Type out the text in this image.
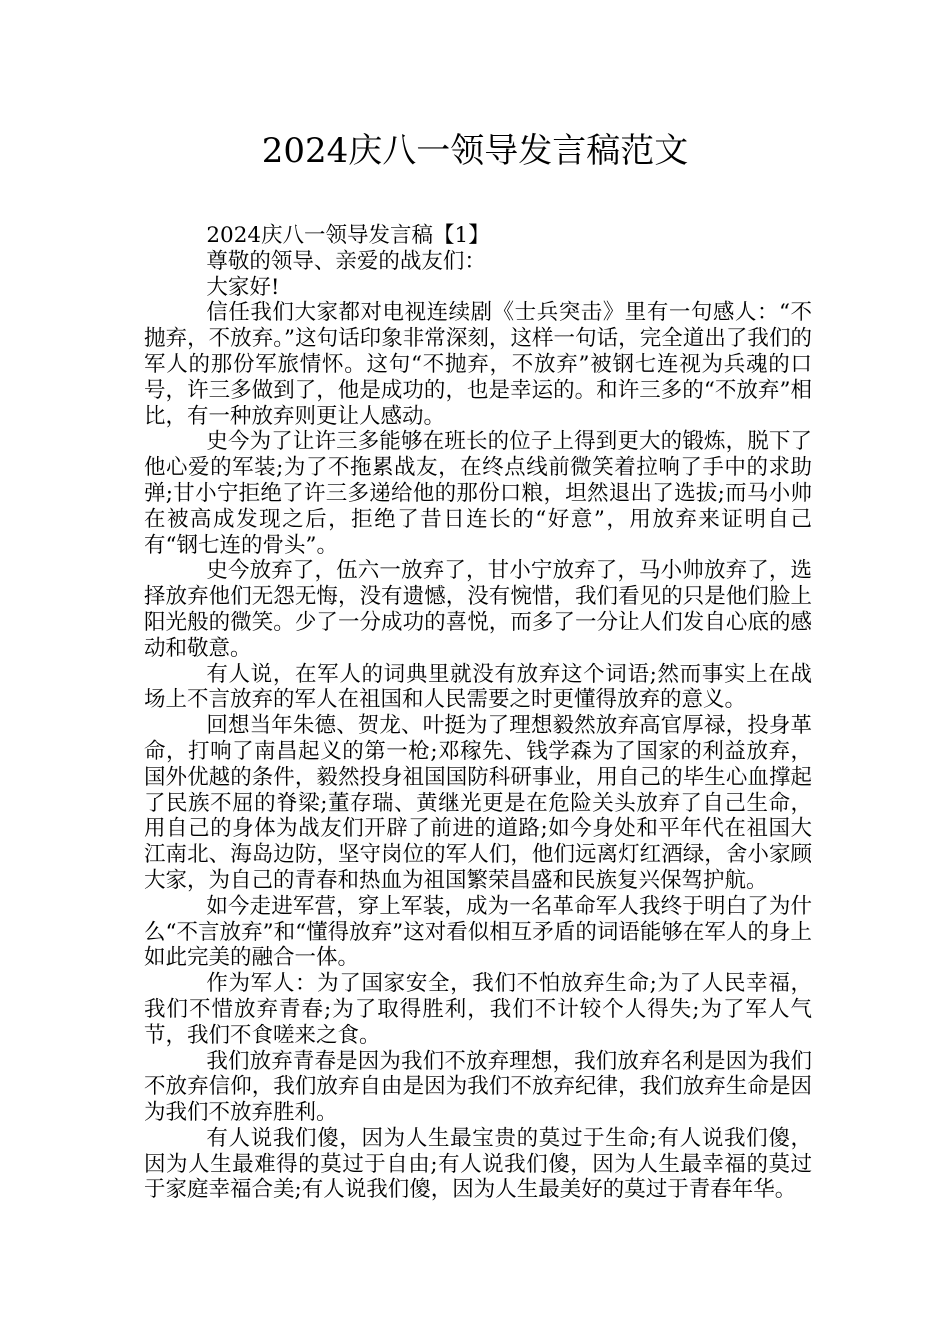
2024庆八一领导发言稿范文

2024庆八一领导发言稿【1】

尊敬的领导、亲爱的战友们：

大家好!

信任我们大家都对电视连续剧《士兵突击》里有一句感人：“不抛弃，不放弃。”这句话印象非常深刻，这样一句话，完全道出了我们的军人的那份军旅情怀。这句“不抛弃，不放弃”被钢七连视为兵魂的口号，许三多做到了，他是成功的，也是幸运的。和许三多的“不放弃”相比，有一种放弃则更让人感动。

史今为了让许三多能够在班长的位子上得到更大的锻炼，脱下了他心爱的军装;为了不拖累战友，在终点线前微笑着拉响了手中的求助弹;甘小宁拒绝了许三多递给他的那份口粮，坦然退出了选拔;而马小帅在被高成发现之后，拒绝了昔日连长的“好意”，用放弃来证明自己有“钢七连的骨头”。

史今放弃了，伍六一放弃了，甘小宁放弃了，马小帅放弃了，选择放弃他们无怨无悔，没有遗憾，没有惋惜，我们看见的只是他们脸上阳光般的微笑。少了一分成功的喜悦，而多了一分让人们发自心底的感动和敬意。

有人说，在军人的词典里就没有放弃这个词语;然而事实上在战场上不言放弃的军人在祖国和人民需要之时更懂得放弃的意义。

回想当年朱德、贺龙、叶挺为了理想毅然放弃高官厚禄，投身革命，打响了南昌起义的第一枪;邓稼先、钱学森为了国家的利益放弃，国外优越的条件，毅然投身祖国国防科研事业，用自己的毕生心血撑起了民族不屈的脊梁;董存瑞、黄继光更是在危险关头放弃了自己生命，用自己的身体为战友们开辟了前进的道路;如今身处和平年代在祖国大江南北、海岛边防，坚守岗位的军人们，他们远离灯红酒绿，舍小家顾大家，为自己的青春和热血为祖国繁荣昌盛和民族复兴保驾护航。

如今走进军营，穿上军装，成为一名革命军人我终于明白了为什么“不言放弃”和“懂得放弃”这对看似相互矛盾的词语能够在军人的身上如此完美的融合一体。

作为军人：为了国家安全，我们不怕放弃生命;为了人民幸福，我们不惜放弃青春;为了取得胜利，我们不计较个人得失;为了军人气节，我们不食嗟来之食。

我们放弃青春是因为我们不放弃理想，我们放弃名利是因为我们不放弃信仰，我们放弃自由是因为我们不放弃纪律，我们放弃生命是因为我们不放弃胜利。

有人说我们傻，因为人生最宝贵的莫过于生命;有人说我们傻，因为人生最难得的莫过于自由;有人说我们傻，因为人生最幸福的莫过于家庭幸福合美;有人说我们傻，因为人生最美好的莫过于青春年华。
